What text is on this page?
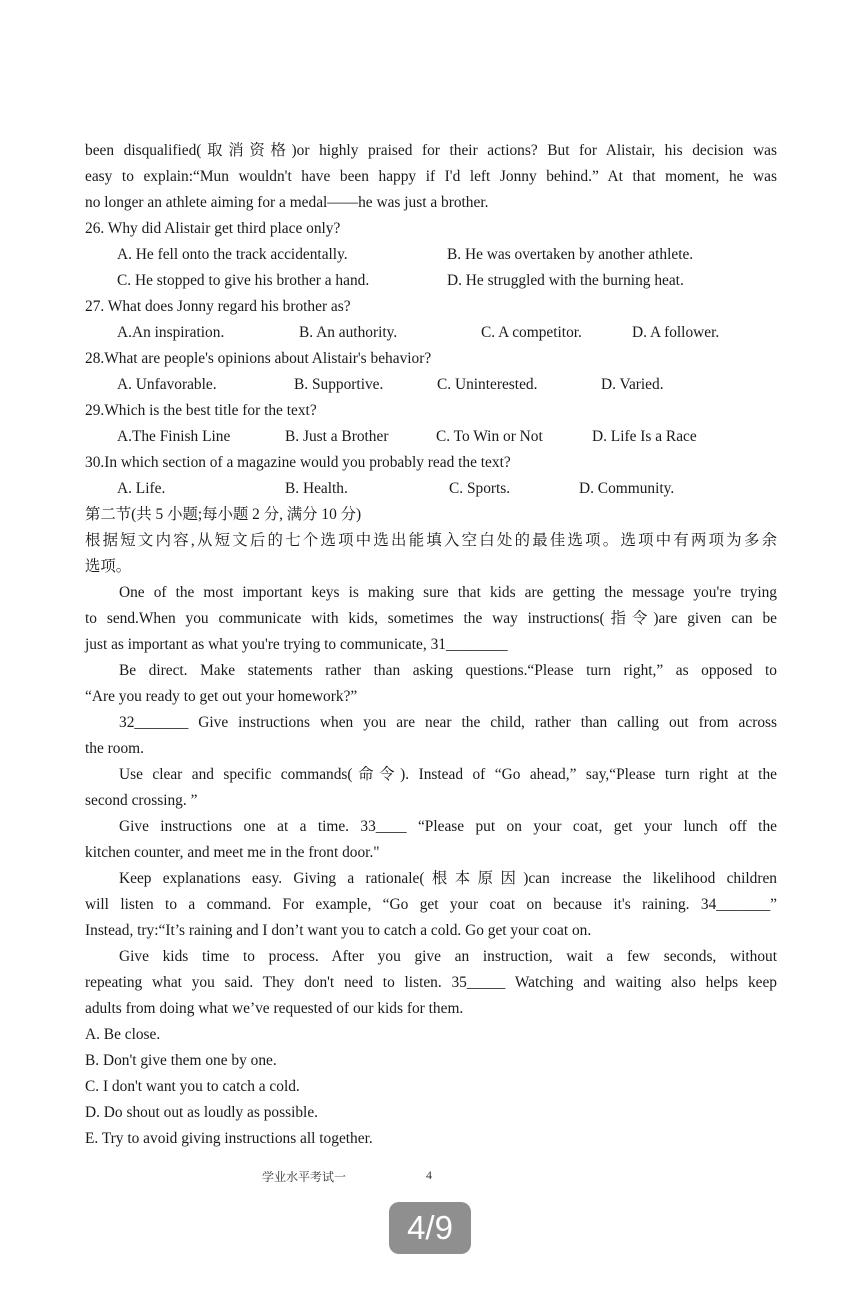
been disqualified(取消资格)or highly praised for their actions? But for Alistair, his decision was
easy to explain:“Mun wouldn't have been happy if I'd left Jonny behind.” At that moment, he was
no longer an athlete aiming for a medal——he was just a brother.
26. Why did Alistair get third place only?
A. He fell onto the track accidentally.	B. He was overtaken by another athlete.
C. He stopped to give his brother a hand.	D. He struggled with the burning heat.
27. What does Jonny regard his brother as?
A.An inspiration.	B. An authority.	C. A competitor.	D. A follower.
28.What are people's opinions about Alistair's behavior?
A. Unfavorable.	B. Supportive.	C. Uninterested.	D. Varied.
29.Which is the best title for the text?
A.The Finish Line	B. Just a Brother	C. To Win or Not	D. Life Is a Race
30.In which section of a magazine would you probably read the text?
A. Life.	B. Health.	C. Sports.	D. Community.
第二节(共 5 小题;每小题 2 分, 满分 10 分)
根据短文内容,从短文后的七个选项中选出能填入空白处的最佳选项。选项中有两项为多余
选项。
One of the most important keys is making sure that kids are getting the message you're trying
to send.When you communicate with kids, sometimes the way instructions(指令)are given can be
just as important as what you're trying to communicate, 31________
Be direct. Make statements rather than asking questions.“Please turn right,” as opposed to
“Are you ready to get out your homework?”
32_______ Give instructions when you are near the child, rather than calling out from across
the room.
Use clear and specific commands(命令). Instead of “Go ahead,” say,“Please turn right at the
second crossing. ”
Give instructions one at a time. 33____ “Please put on your coat, get your lunch off the
kitchen counter, and meet me in the front door."
Keep explanations easy. Giving a rationale(根本原因)can increase the likelihood children
will listen to a command. For example, “Go get your coat on because it's raining. 34_______”
Instead, try:“It’s raining and I don’t want you to catch a cold. Go get your coat on.
Give kids time to process. After you give an instruction, wait a few seconds, without
repeating what you said. They don't need to listen. 35_____ Watching and waiting also helps keep
adults from doing what we’ve requested of our kids for them.
A. Be close.
B. Don't give them one by one.
C. I don't want you to catch a cold.
D. Do shout out as loudly as possible.
E. Try to avoid giving instructions all together.
学业水平考试一	4
4/9
